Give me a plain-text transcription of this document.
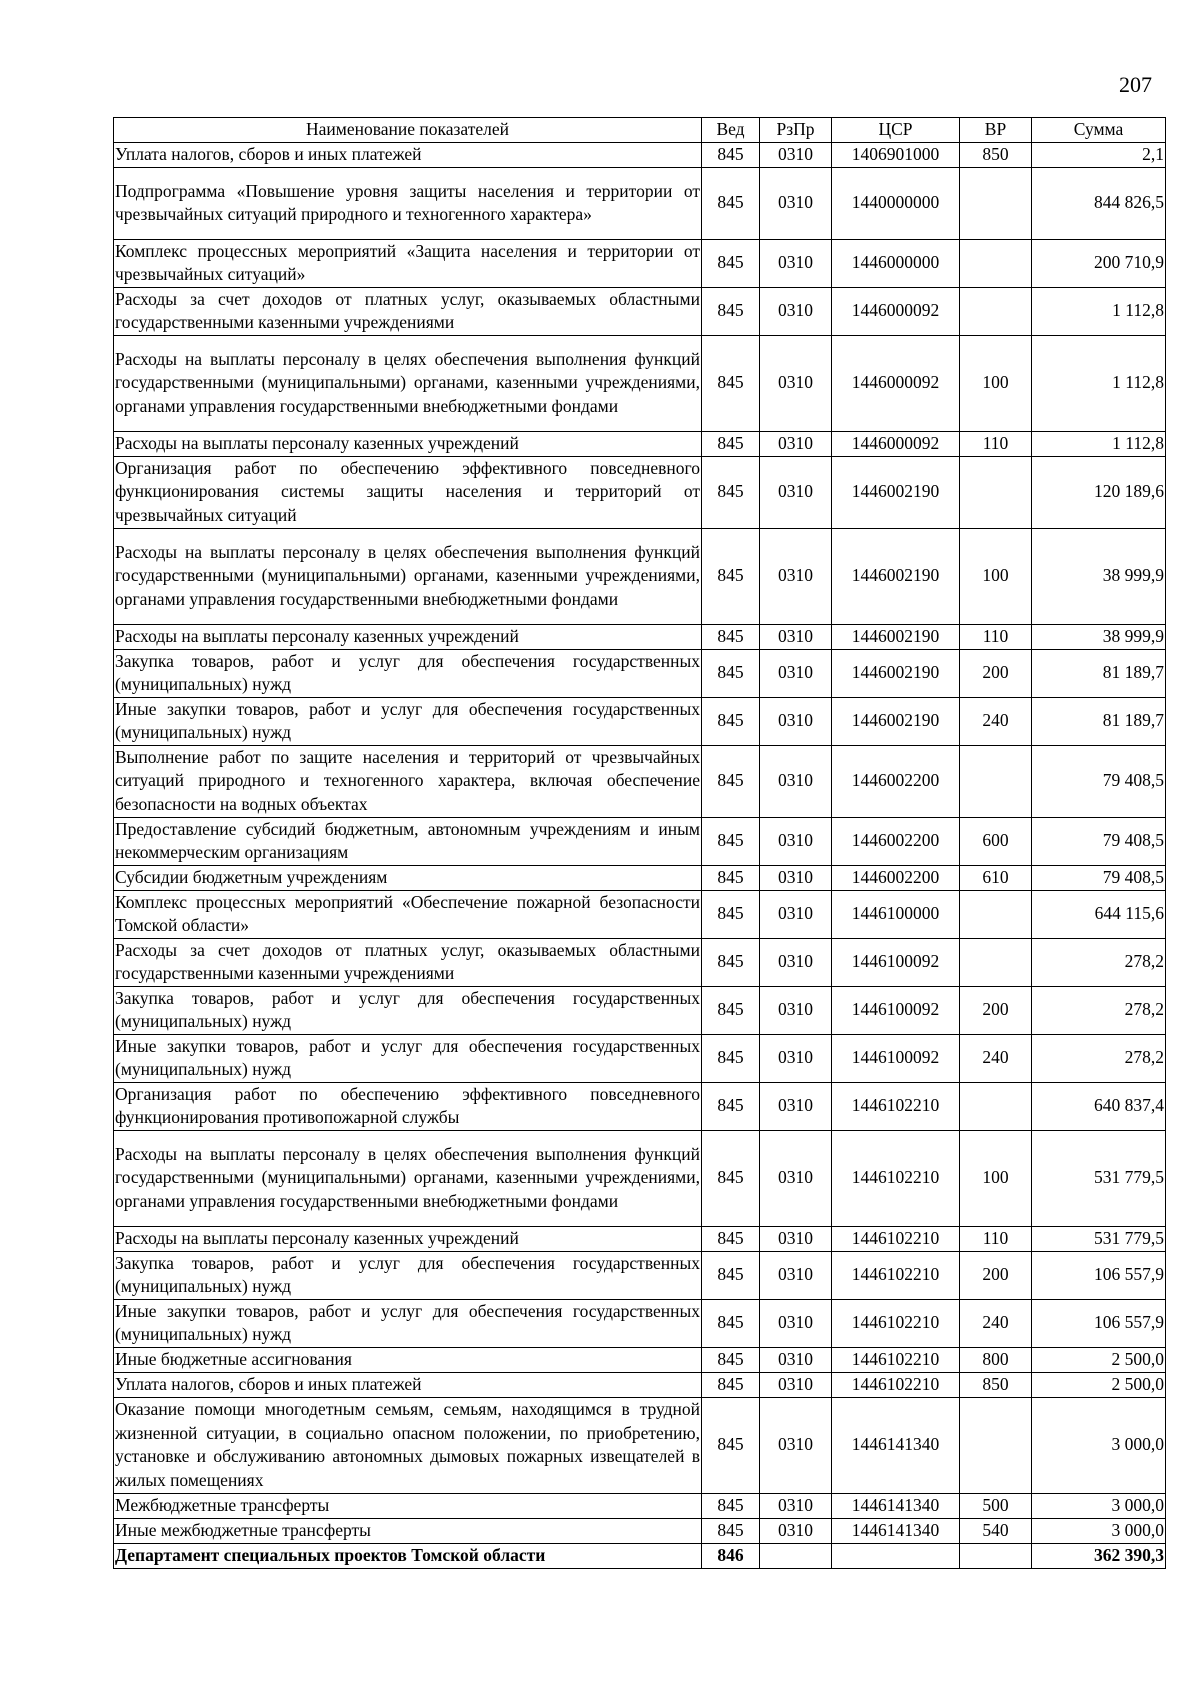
207
Наименование показателей	Вед	РзПр	ЦСР	ВР	Сумма
Уплата налогов, сборов и иных платежей	845	0310	1406901000	850	2,1
Подпрограмма «Повышение уровня защиты населения и территории от чрезвычайных ситуаций природного и техногенного характера»	845	0310	1440000000		844 826,5
Комплекс процессных мероприятий «Защита населения и территории от чрезвычайных ситуаций»	845	0310	1446000000		200 710,9
Расходы за счет доходов от платных услуг, оказываемых областными государственными казенными учреждениями	845	0310	1446000092		1 112,8
Расходы на выплаты персоналу в целях обеспечения выполнения функций государственными (муниципальными) органами, казенными учреждениями, органами управления государственными внебюджетными фондами	845	0310	1446000092	100	1 112,8
Расходы на выплаты персоналу казенных учреждений	845	0310	1446000092	110	1 112,8
Организация работ по обеспечению эффективного повседневного функционирования системы защиты населения и территорий от чрезвычайных ситуаций	845	0310	1446002190		120 189,6
Расходы на выплаты персоналу в целях обеспечения выполнения функций государственными (муниципальными) органами, казенными учреждениями, органами управления государственными внебюджетными фондами	845	0310	1446002190	100	38 999,9
Расходы на выплаты персоналу казенных учреждений	845	0310	1446002190	110	38 999,9
Закупка товаров, работ и услуг для обеспечения государственных (муниципальных) нужд	845	0310	1446002190	200	81 189,7
Иные закупки товаров, работ и услуг для обеспечения государственных (муниципальных) нужд	845	0310	1446002190	240	81 189,7
Выполнение работ по защите населения и территорий от чрезвычайных ситуаций природного и техногенного характера, включая обеспечение безопасности на водных объектах	845	0310	1446002200		79 408,5
Предоставление субсидий бюджетным, автономным учреждениям и иным некоммерческим организациям	845	0310	1446002200	600	79 408,5
Субсидии бюджетным учреждениям	845	0310	1446002200	610	79 408,5
Комплекс процессных мероприятий «Обеспечение пожарной безопасности Томской области»	845	0310	1446100000		644 115,6
Расходы за счет доходов от платных услуг, оказываемых областными государственными казенными учреждениями	845	0310	1446100092		278,2
Закупка товаров, работ и услуг для обеспечения государственных (муниципальных) нужд	845	0310	1446100092	200	278,2
Иные закупки товаров, работ и услуг для обеспечения государственных (муниципальных) нужд	845	0310	1446100092	240	278,2
Организация работ по обеспечению эффективного повседневного функционирования противопожарной службы	845	0310	1446102210		640 837,4
Расходы на выплаты персоналу в целях обеспечения выполнения функций государственными (муниципальными) органами, казенными учреждениями, органами управления государственными внебюджетными фондами	845	0310	1446102210	100	531 779,5
Расходы на выплаты персоналу казенных учреждений	845	0310	1446102210	110	531 779,5
Закупка товаров, работ и услуг для обеспечения государственных (муниципальных) нужд	845	0310	1446102210	200	106 557,9
Иные закупки товаров, работ и услуг для обеспечения государственных (муниципальных) нужд	845	0310	1446102210	240	106 557,9
Иные бюджетные ассигнования	845	0310	1446102210	800	2 500,0
Уплата налогов, сборов и иных платежей	845	0310	1446102210	850	2 500,0
Оказание помощи многодетным семьям, семьям, находящимся в трудной жизненной ситуации, в социально опасном положении, по приобретению, установке и обслуживанию автономных дымовых пожарных извещателей в жилых помещениях	845	0310	1446141340		3 000,0
Межбюджетные трансферты	845	0310	1446141340	500	3 000,0
Иные межбюджетные трансферты	845	0310	1446141340	540	3 000,0
Департамент специальных проектов Томской области	846				362 390,3
